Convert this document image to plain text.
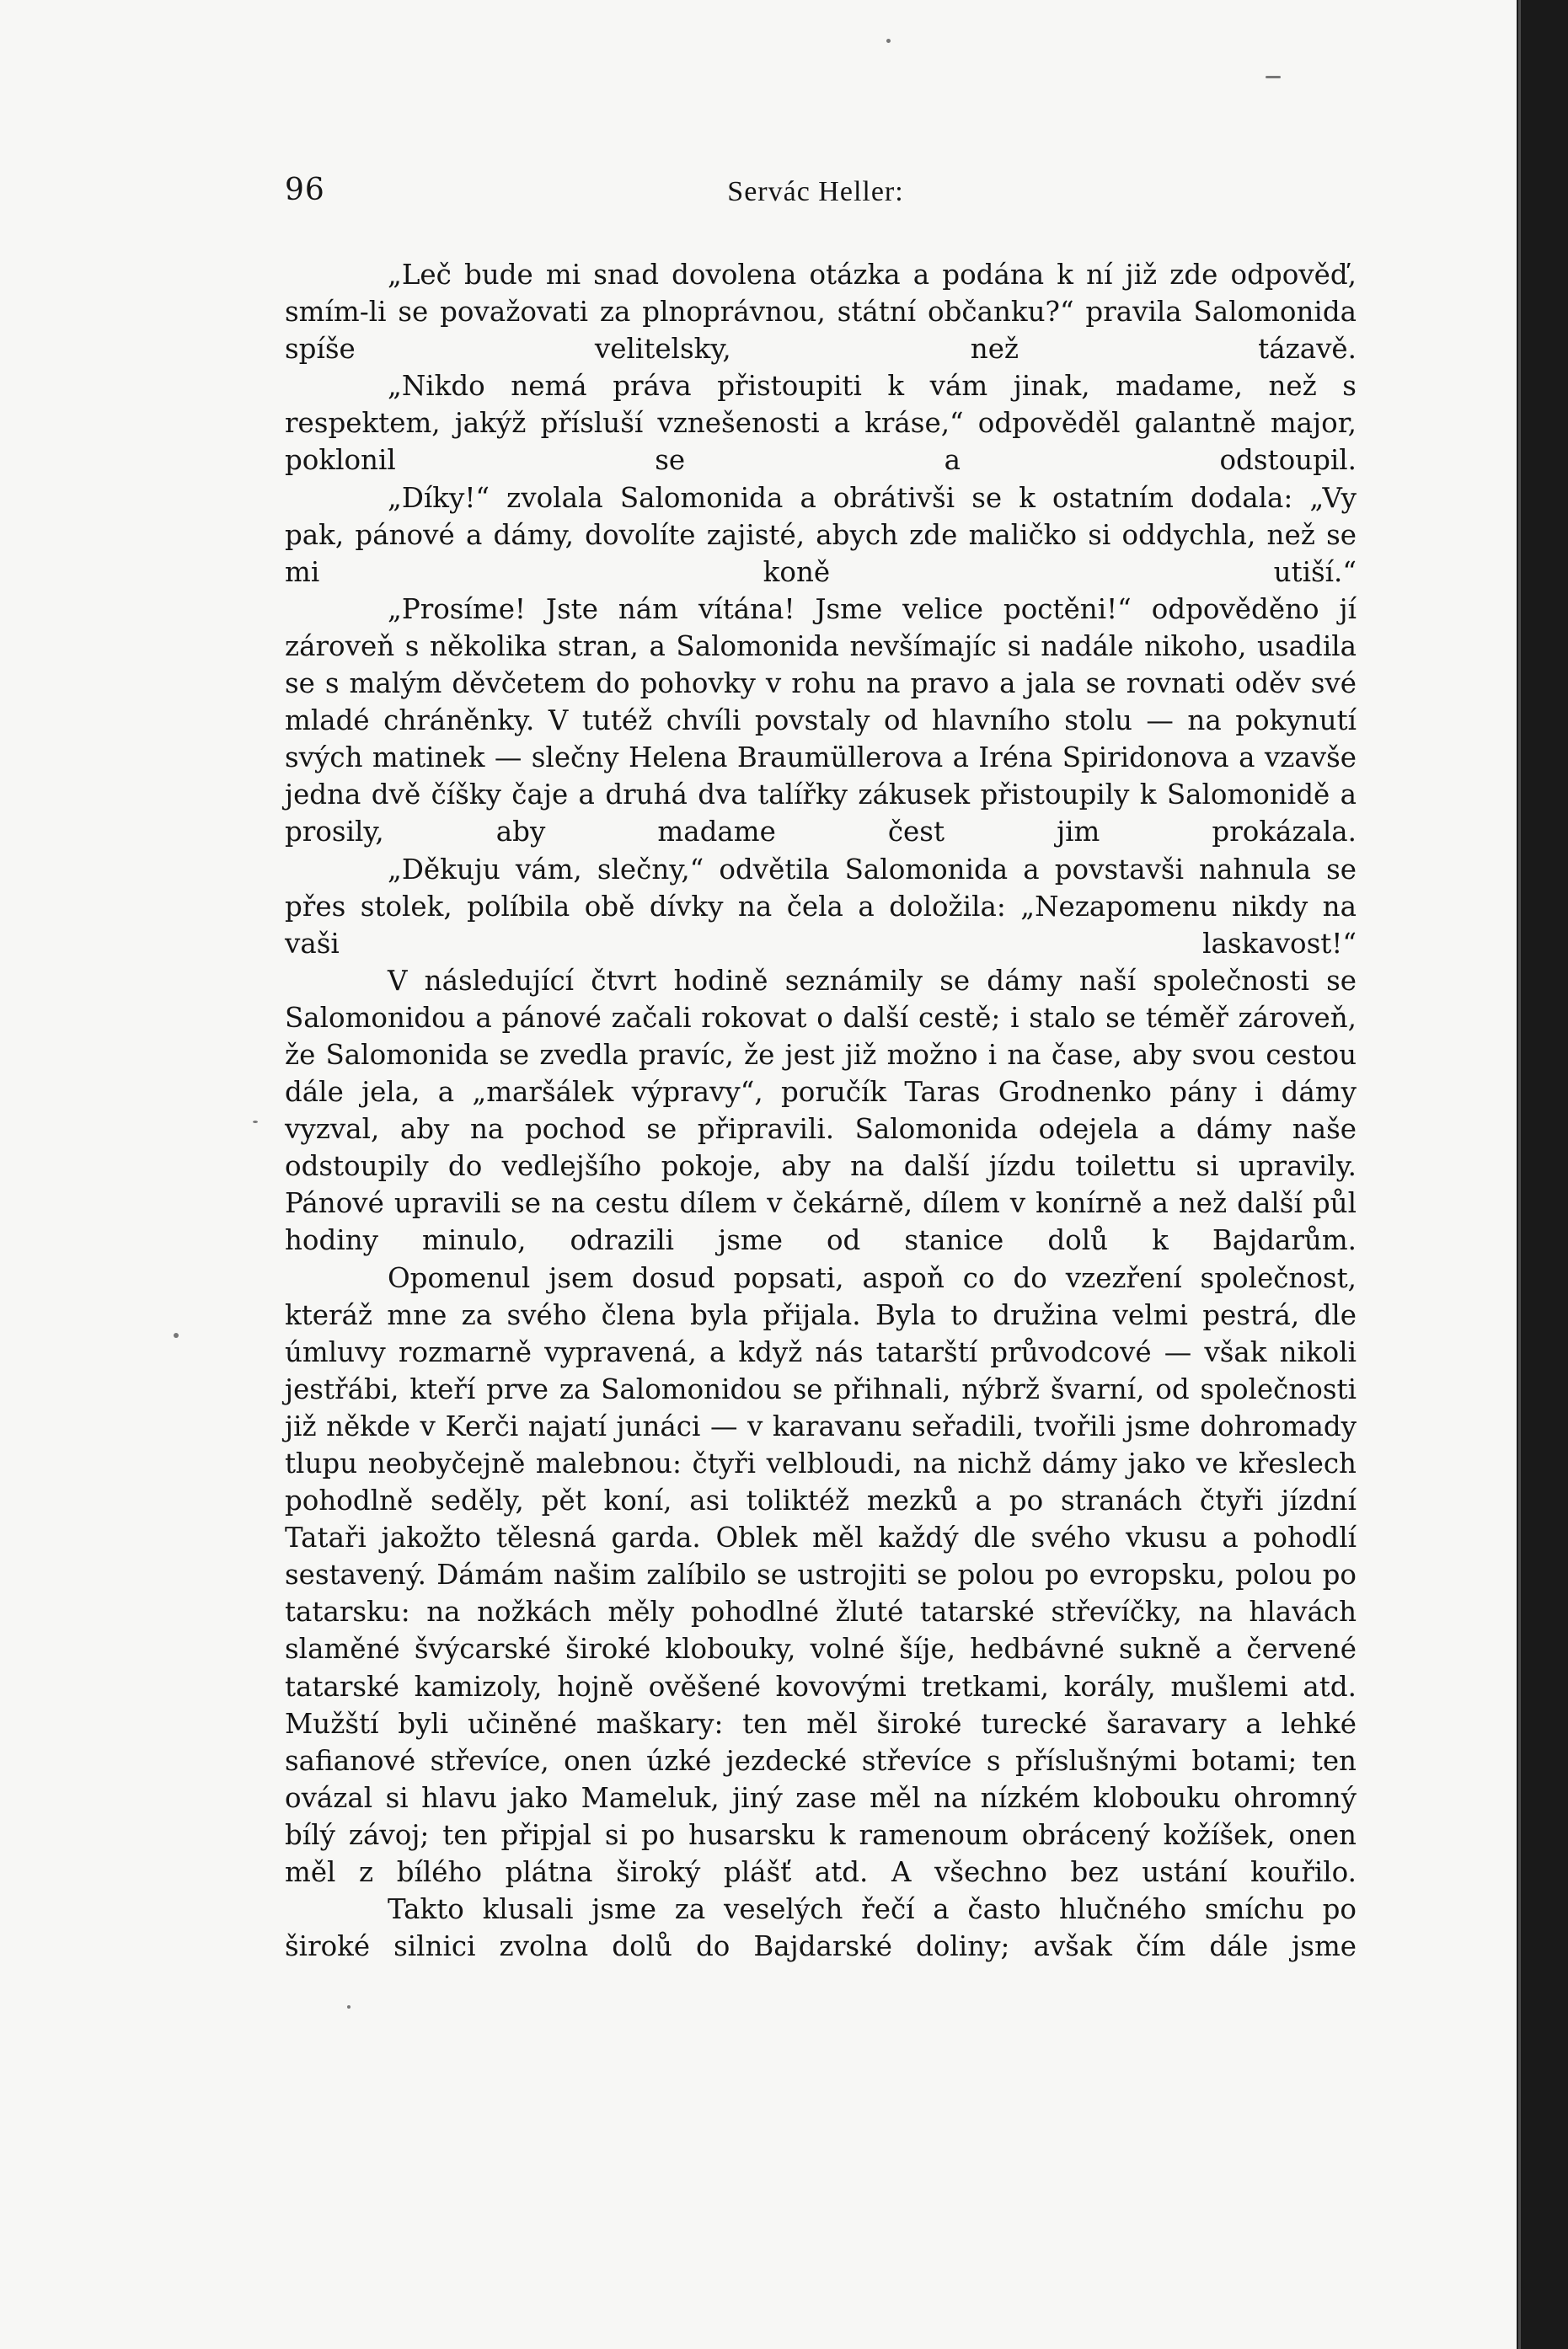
96	Servác Heller:

„Leč bude mi snad dovolena otázka a podána k ní již zde odpověď, smím-li se považovati za plnoprávnou, státní občanku?“ pravila Salomonida spíše velitelsky, než tázavě.

„Nikdo nemá práva přistoupiti k vám jinak, madame, než s respektem, jakýž přísluší vznešenosti a kráse,“ odpověděl galantně major, poklonil se a odstoupil.

„Díky!“ zvolala Salomonida a obrátivši se k ostatním dodala: „Vy pak, pánové a dámy, dovolíte zajisté, abych zde maličko si oddychla, než se mi koně utiší.“

„Prosíme! Jste nám vítána! Jsme velice poctěni!“ odpověděno jí zároveň s několika stran, a Salomonida nevšímajíc si nadále nikoho, usadila se s malým děvčetem do pohovky v rohu na pravo a jala se rovnati oděv své mladé chráněnky. V tutéž chvíli povstaly od hlavního stolu — na pokynutí svých matinek — slečny Helena Braumüllerova a Iréna Spiridonova a vzavše jedna dvě číšky čaje a druhá dva talířky zákusek přistoupily k Salomonidě a prosily, aby madame čest jim prokázala.

„Děkuju vám, slečny,“ odvětila Salomonida a povstavši nahnula se přes stolek, políbila obě dívky na čela a doložila: „Nezapomenu nikdy na vaši laskavost!“

V následující čtvrt hodině seznámily se dámy naší společnosti se Salomonidou a pánové začali rokovat o další cestě; i stalo se téměř zároveň, že Salomonida se zvedla pravíc, že jest již možno i na čase, aby svou cestou dále jela, a „maršálek výpravy“, poručík Taras Grodnenko pány i dámy vyzval, aby na pochod se připravili. Salomonida odejela a dámy naše odstoupily do vedlejšího pokoje, aby na další jízdu toilettu si upravily. Pánové upravili se na cestu dílem v čekárně, dílem v konírně a než další půl hodiny minulo, odrazili jsme od stanice dolů k Bajdarům.

Opomenul jsem dosud popsati, aspoň co do vzezření společnost, kteráž mne za svého člena byla přijala. Byla to družina velmi pestrá, dle úmluvy rozmarně vypravená, a když nás tatarští průvodcové — však nikoli jestřábi, kteří prve za Salomonidou se přihnali, nýbrž švarní, od společnosti již někde v Kerči najatí junáci — v karavanu seřadili, tvořili jsme dohromady tlupu neobyčejně malebnou: čtyři velbloudi, na nichž dámy jako ve křeslech pohodlně seděly, pět koní, asi toliktéž mezků a po stranách čtyři jízdní Tataři jakožto tělesná garda. Oblek měl každý dle svého vkusu a pohodlí sestavený. Dámám našim zalíbilo se ustrojiti se polou po evropsku, polou po tatarsku: na nožkách měly pohodlné žluté tatarské střevíčky, na hlavách slaměné švýcarské široké klobouky, volné šíje, hedbávné sukně a červené tatarské kamizoly, hojně ověšené kovovými tretkami, korály, mušlemi atd. Mužští byli učiněné maškary: ten měl široké turecké šaravary a lehké safianové střevíce, onen úzké jezdecké střevíce s příslušnými botami; ten ovázal si hlavu jako Mameluk, jiný zase měl na nízkém klobouku ohromný bílý závoj; ten připjal si po husarsku k ramenoum obrácený kožíšek, onen měl z bílého plátna široký plášť atd. A všechno bez ustání kouřilo.

Takto klusali jsme za veselých řečí a často hlučného smíchu po široké silnici zvolna dolů do Bajdarské doliny; avšak čím dále jsme
